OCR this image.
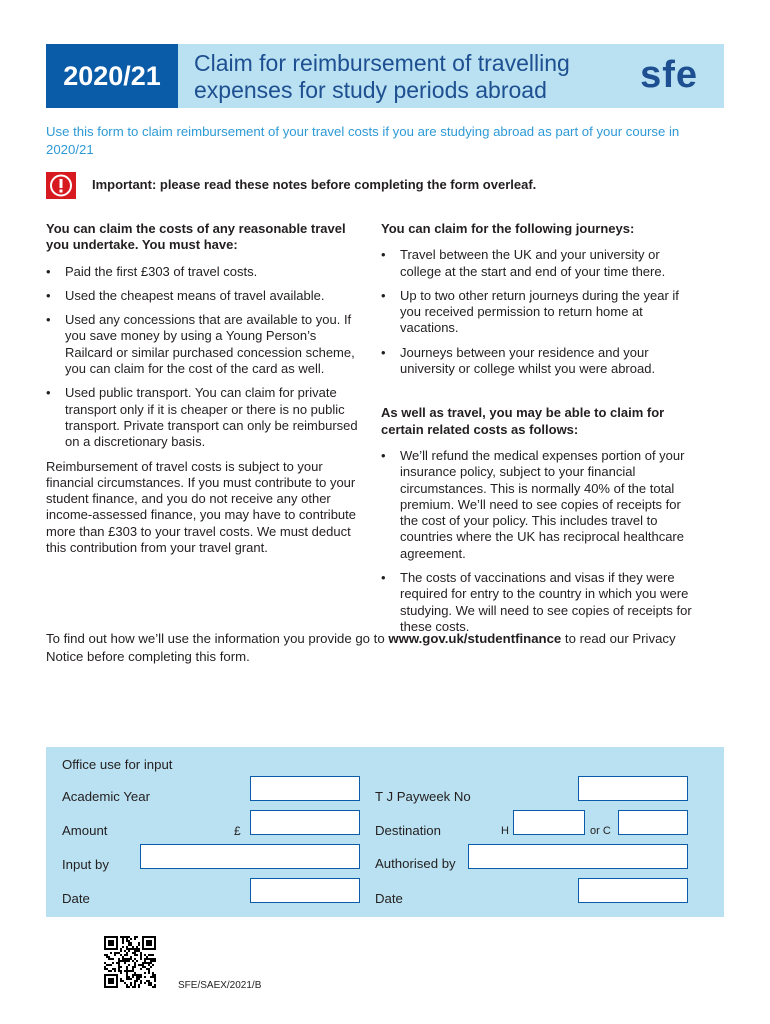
2020/21	Claim for reimbursement of travelling
expenses for study periods abroad	sfe
Use this form to claim reimbursement of your travel costs if you are studying abroad as part of your course in 2020/21
Important: please read these notes before completing the form overleaf.
You can claim the costs of any reasonable travel you undertake. You must have:
• Paid the first £303 of travel costs.
• Used the cheapest means of travel available.
• Used any concessions that are available to you. If you save money by using a Young Person’s Railcard or similar purchased concession scheme, you can claim for the cost of the card as well.
• Used public transport. You can claim for private transport only if it is cheaper or there is no public transport. Private transport can only be reimbursed on a discretionary basis.

Reimbursement of travel costs is subject to your financial circumstances. If you must contribute to your student finance, and you do not receive any other income-assessed finance, you may have to contribute more than £303 to your travel costs. We must deduct this contribution from your travel grant.

You can claim for the following journeys:
• Travel between the UK and your university or college at the start and end of your time there.
• Up to two other return journeys during the year if you received permission to return home at vacations.
• Journeys between your residence and your university or college whilst you were abroad.
As well as travel, you may be able to claim for certain related costs as follows:
• We’ll refund the medical expenses portion of your insurance policy, subject to your financial circumstances. This is normally 40% of the total premium. We’ll need to see copies of receipts for the cost of your policy. This includes travel to countries where the UK has reciprocal healthcare agreement.
• The costs of vaccinations and visas if they were required for entry to the country in which you were studying. We will need to see copies of receipts for these costs.
To find out how we’ll use the information you provide go to www.gov.uk/studentfinance to read our Privacy Notice before completing this form.
Office use for input
Academic Year	T J Payweek No
Amount	£	Destination	H	or C
Input by	Authorised by
Date	Date
SFE/SAEX/2021/B
